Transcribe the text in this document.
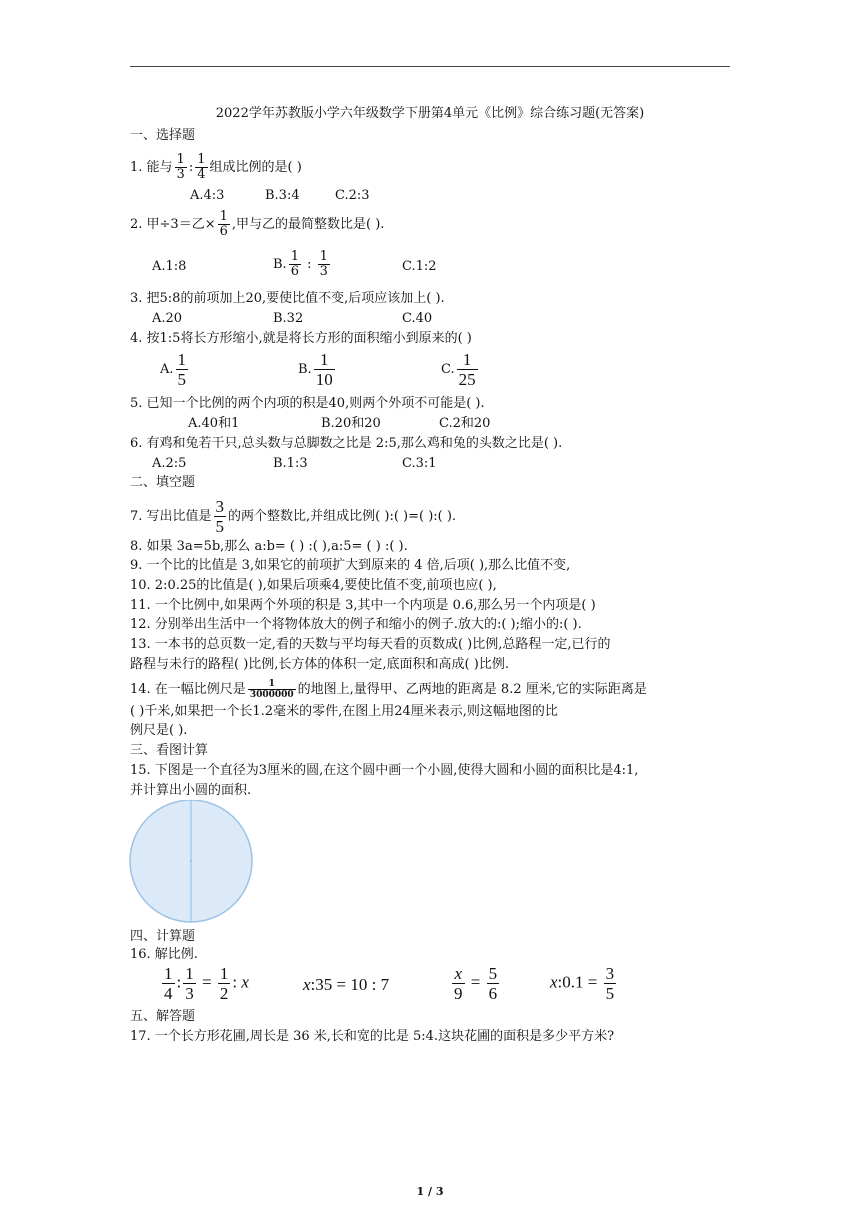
2022学年苏教版小学六年级数学下册第4单元《比例》综合练习题(无答案)
一、选择题
1. 能与 $\frac{1}{3}$ : $\frac{1}{4}$ 组成比例的是( )
A.4:3	B.3:4	C.2:3
2. 甲÷3＝乙× $\frac{1}{6}$ ,甲与乙的最简整数比是( ).
A.1:8	B. $\frac{1}{6}$ : $\frac{1}{3}$	C.1:2
3. 把5:8的前项加上20,要使比值不变,后项应该加上( ).
A.20	B.32	C.40
4. 按1:5将长方形缩小,就是将长方形的面积缩小到原来的( )
A. $\frac{1}{5}$	B. $\frac{1}{10}$	C. $\frac{1}{25}$
5. 已知一个比例的两个内项的积是40,则两个外项不可能是( ).
A.40和1	B.20和20	C.2和20
6. 有鸡和兔若干只,总头数与总脚数之比是 2:5,那么鸡和兔的头数之比是( ).
A.2:5	B.1:3	C.3:1
二、填空题
7. 写出比值是 $\frac{3}{5}$ 的两个整数比,并组成比例( ):( )=( ):( ).
8. 如果 3a=5b,那么 a:b= ( ) :( ),a:5= ( ) :( ).
9. 一个比的比值是 3,如果它的前项扩大到原来的 4 倍,后项( ),那么比值不变,
10. 2:0.25的比值是( ),如果后项乘4,要使比值不变,前项也应( ),
11. 一个比例中,如果两个外项的积是 3,其中一个内项是 0.6,那么另一个内项是( )
12. 分别举出生活中一个将物体放大的例子和缩小的例子.放大的:( );缩小的:( ).
13. 一本书的总页数一定,看的天数与平均每天看的页数成( )比例,总路程一定,已行的
路程与未行的路程( )比例,长方体的体积一定,底面积和高成( )比例.
14. 在一幅比例尺是 $\frac{1}{3000000}$ 的地图上,量得甲、乙两地的距离是 8.2 厘米,它的实际距离是
( )千米,如果把一个长1.2毫米的零件,在图上用24厘米表示,则这幅地图的比
例尺是( ).
三、看图计算
15. 下图是一个直径为3厘米的圆,在这个圆中画一个小圆,使得大圆和小圆的面积比是4:1,
并计算出小圆的面积.
四、计算题
16. 解比例.
$\frac{1}{4}$ : $\frac{1}{3} = \frac{1}{2}$ : x	x:35 = 10 : 7	$\frac{x}{9} = \frac{5}{6}$	x:0.1 = $\frac{3}{5}$
五、解答题
17. 一个长方形花圃,周长是 36 米,长和宽的比是 5:4.这块花圃的面积是多少平方米?
1 / 3
